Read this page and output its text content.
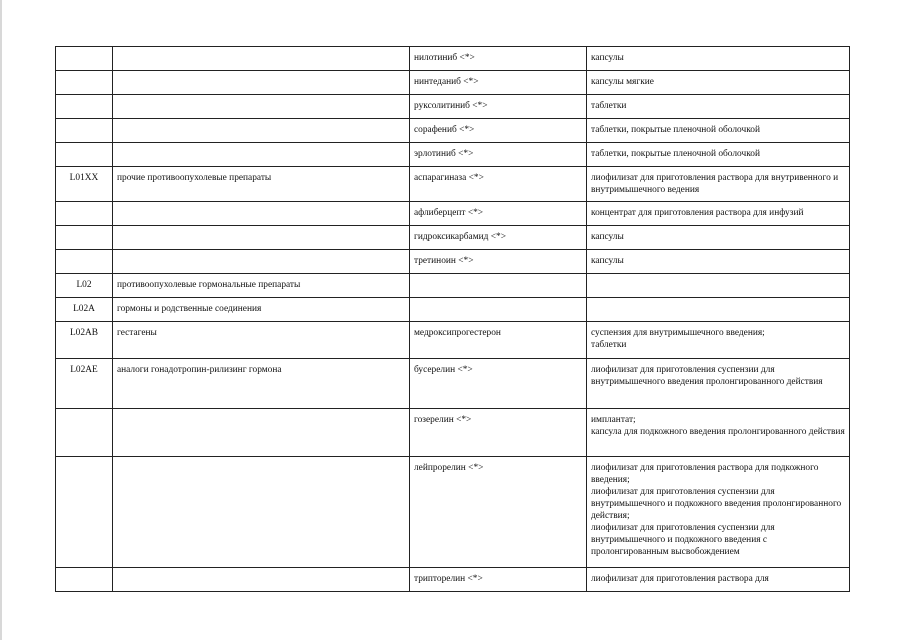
		нилотиниб <*>	капсулы
		нинтеданиб <*>	капсулы мягкие
		руксолитиниб <*>	таблетки
		сорафениб <*>	таблетки, покрытые пленочной оболочкой
		эрлотиниб <*>	таблетки, покрытые пленочной оболочкой
L01XX	прочие противоопухолевые препараты	аспарагиназа <*>	лиофилизат для приготовления раствора для внутривенного и внутримышечного ведения
		афлиберцепт <*>	концентрат для приготовления раствора для инфузий
		гидроксикарбамид <*>	капсулы
		третиноин <*>	капсулы
L02	противоопухолевые гормональные препараты		
L02A	гормоны и родственные соединения		
L02AB	гестагены	медроксипрогестерон	суспензия для внутримышечного введения;
таблетки
L02AE	аналоги гонадотропин-рилизинг гормона	бусерелин <*>	лиофилизат для приготовления суспензии для внутримышечного введения пролонгированного действия
		гозерелин <*>	имплантат;
капсула для подкожного введения пролонгированного действия
		лейпрорелин <*>	лиофилизат для приготовления раствора для подкожного введения;
лиофилизат для приготовления суспензии для внутримышечного и подкожного введения пролонгированного действия;
лиофилизат для приготовления суспензии для внутримышечного и подкожного введения с пролонгированным высвобождением
		трипторелин <*>	лиофилизат для приготовления раствора для
